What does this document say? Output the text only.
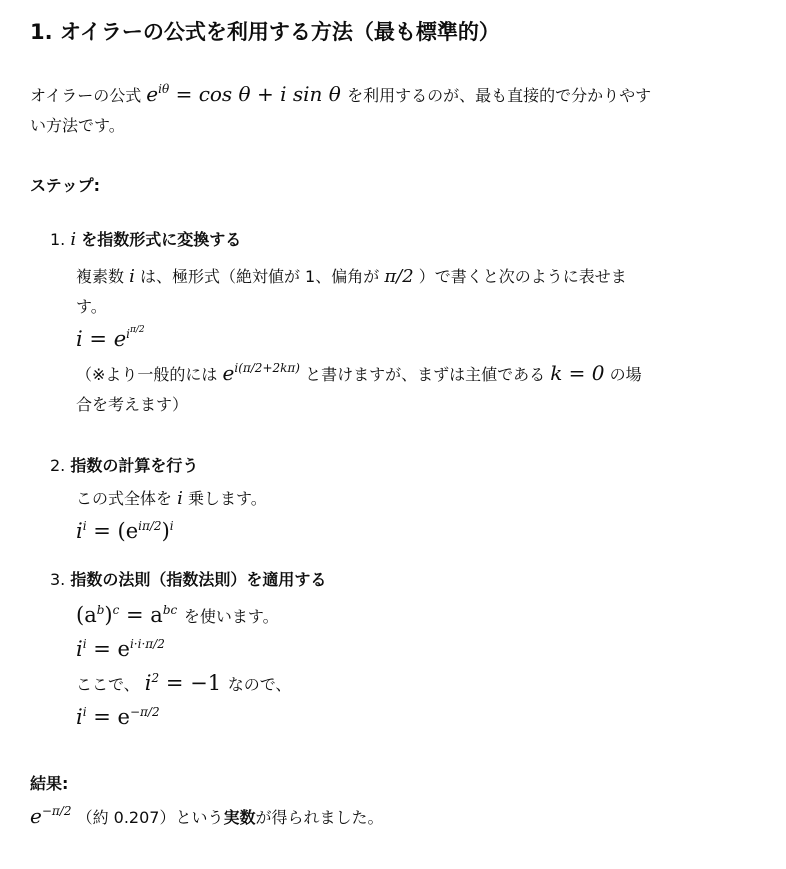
1. オイラーの公式を利用する方法（最も標準的）
オイラーの公式 $e^{i\theta} = \cos \theta + i$ sin θ を利用するのが、最も直接的で分かりやす
い方法です。
ステップ:
1. i を指数形式に変換する
複素数 i は、極形式（絶対値が 1、偏角が π/2 ）で書くと次のように表せま
す。
$i = e^{i^{\pi/2}}$
（※より一般的には $e^{i(\pi/2+2k\pi)}$ と書けますが、まずは主値である k = 0 の場
合を考えます）
2. 指数の計算を行う
この式全体を i 乗します。
$i^i = (e^{i\pi/2})^i$
3. 指数の法則（指数法則）を適用する
$(a^b)^c = a^{bc}$ を使います。
$i^i = e^{i\cdot i\cdot\pi/2}$
ここで、 $i^2 = -1$ なので、
$i^i = e^{-\pi/2}$
結果:
$e^{-\pi/2}$ （約 0.207）という実数が得られました。
